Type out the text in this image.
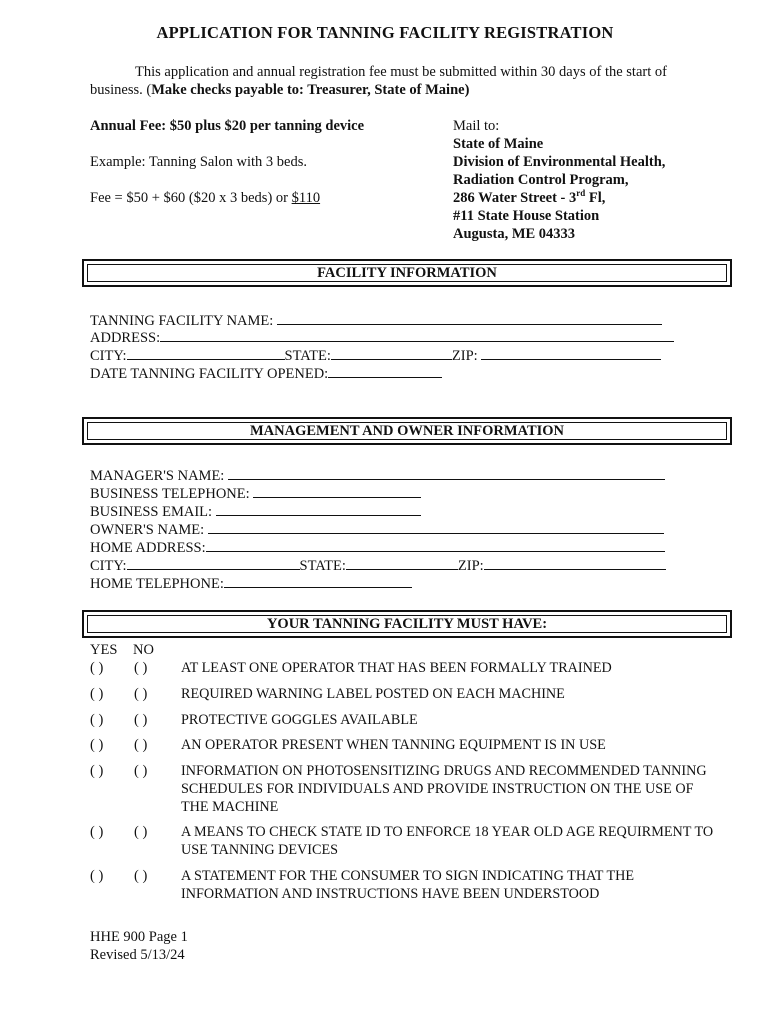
APPLICATION FOR TANNING FACILITY REGISTRATION
This application and annual registration fee must be submitted within 30 days of the start of business. (Make checks payable to: Treasurer, State of Maine)
Annual Fee: $50 plus $20 per tanning device
Example: Tanning Salon with 3 beds.
Fee = $50 + $60 ($20 x 3 beds) or $110
Mail to:
State of Maine
Division of Environmental Health,
Radiation Control Program,
286 Water Street - 3rd Fl,
#11 State House Station
Augusta, ME 04333
FACILITY INFORMATION
TANNING FACILITY NAME:
ADDRESS:
CITY:	STATE:	ZIP:
DATE TANNING FACILITY OPENED:
MANAGEMENT AND OWNER INFORMATION
MANAGER'S NAME:
BUSINESS TELEPHONE:
BUSINESS EMAIL:
OWNER'S NAME:
HOME ADDRESS:
CITY:	STATE:	ZIP:
HOME TELEPHONE:
YOUR TANNING FACILITY MUST HAVE:
YES NO
( ) ( ) AT LEAST ONE OPERATOR THAT HAS BEEN FORMALLY TRAINED
( ) ( ) REQUIRED WARNING LABEL POSTED ON EACH MACHINE
( ) ( ) PROTECTIVE GOGGLES AVAILABLE
( ) ( ) AN OPERATOR PRESENT WHEN TANNING EQUIPMENT IS IN USE
( ) ( ) INFORMATION ON PHOTOSENSITIZING DRUGS AND RECOMMENDED TANNING SCHEDULES FOR INDIVIDUALS AND PROVIDE INSTRUCTION ON THE USE OF THE MACHINE
( ) ( ) A MEANS TO CHECK STATE ID TO ENFORCE 18 YEAR OLD AGE REQUIRMENT TO USE TANNING DEVICES
( ) ( ) A STATEMENT FOR THE CONSUMER TO SIGN INDICATING THAT THE INFORMATION AND INSTRUCTIONS HAVE BEEN UNDERSTOOD
HHE 900 Page 1
Revised 5/13/24
